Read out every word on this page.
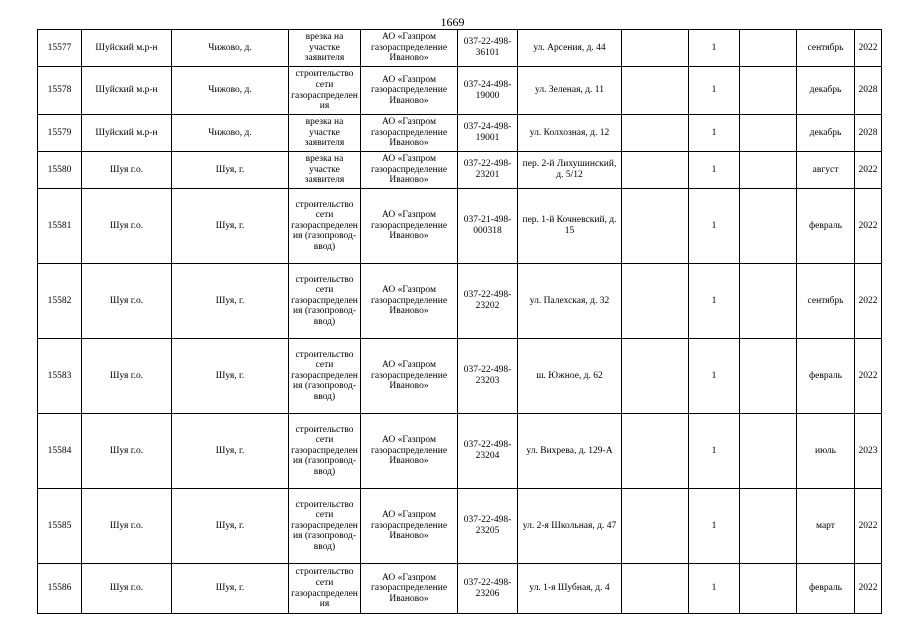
1669
15577	Шуйский м.р-н	Чижово, д.	врезка на участке заявителя	АО «Газпром газораспределение Иваново»	037-22-498-36101	ул. Арсения, д. 44		1		сентябрь	2022
15578	Шуйский м.р-н	Чижово, д.	строительство сети газораспределения	АО «Газпром газораспределение Иваново»	037-24-498-19000	ул. Зеленая, д. 11		1		декабрь	2028
15579	Шуйский м.р-н	Чижово, д.	врезка на участке заявителя	АО «Газпром газораспределение Иваново»	037-24-498-19001	ул. Колхозная, д. 12		1		декабрь	2028
15580	Шуя г.о.	Шуя, г.	врезка на участке заявителя	АО «Газпром газораспределение Иваново»	037-22-498-23201	пер. 2-й Лихушинский, д. 5/12		1		август	2022
15581	Шуя г.о.	Шуя, г.	строительство сети газораспределения (газопровод-ввод)	АО «Газпром газораспределение Иваново»	037-21-498-000318	пер. 1-й Кочневский, д. 15		1		февраль	2022
15582	Шуя г.о.	Шуя, г.	строительство сети газораспределения (газопровод-ввод)	АО «Газпром газораспределение Иваново»	037-22-498-23202	ул. Палехская, д. 32		1		сентябрь	2022
15583	Шуя г.о.	Шуя, г.	строительство сети газораспределения (газопровод-ввод)	АО «Газпром газораспределение Иваново»	037-22-498-23203	ш. Южное, д. 62		1		февраль	2022
15584	Шуя г.о.	Шуя, г.	строительство сети газораспределения (газопровод-ввод)	АО «Газпром газораспределение Иваново»	037-22-498-23204	ул. Вихрева, д. 129-А		1		июль	2023
15585	Шуя г.о.	Шуя, г.	строительство сети газораспределения (газопровод-ввод)	АО «Газпром газораспределение Иваново»	037-22-498-23205	ул. 2-я Школьная, д. 47		1		март	2022
15586	Шуя г.о.	Шуя, г.	строительство сети газораспределения	АО «Газпром газораспределение Иваново»	037-22-498-23206	ул. 1-я Шубная, д. 4		1		февраль	2022
